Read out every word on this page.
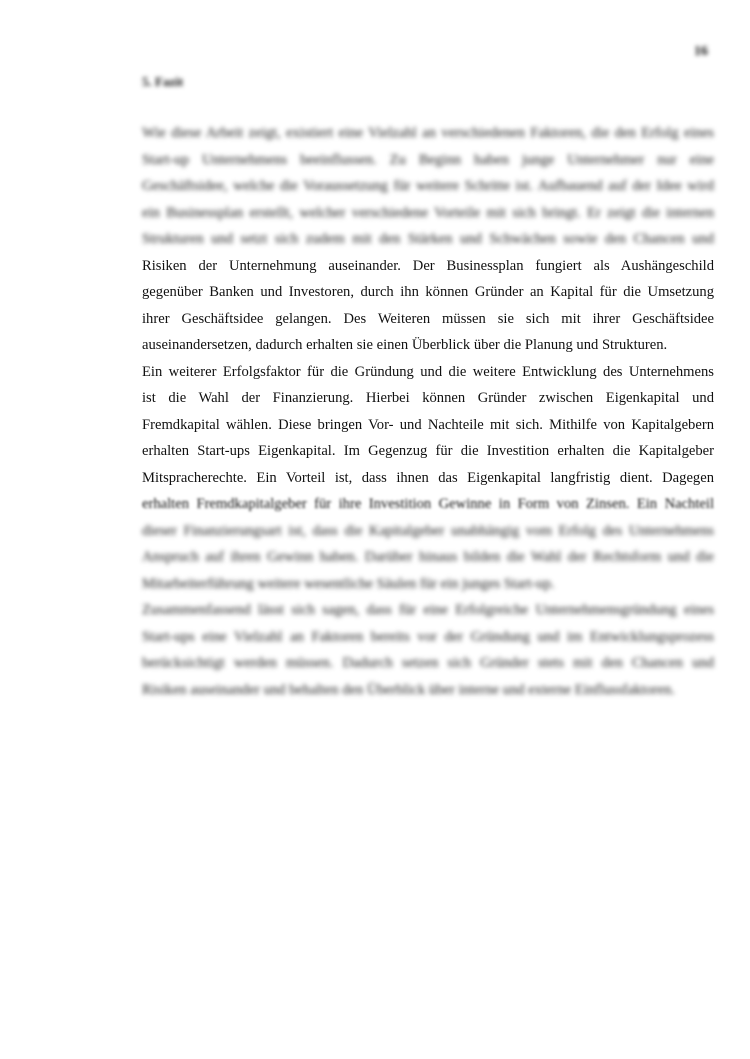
16
5. Fazit
Wie diese Arbeit zeigt, existiert eine Vielzahl an verschiedenen Faktoren, die den Erfolg eines
Start-up Unternehmens beeinflussen. Zu Beginn haben junge Unternehmer nur eine
Geschäftsidee, welche die Voraussetzung für weitere Schritte ist. Aufbauend auf der Idee wird
ein Businessplan erstellt, welcher verschiedene Vorteile mit sich bringt. Er zeigt die internen
Strukturen und setzt sich zudem mit den Stärken und Schwächen sowie den Chancen und
Risiken der Unternehmung auseinander. Der Businessplan fungiert als Aushängeschild
gegenüber Banken und Investoren, durch ihn können Gründer an Kapital für die Umsetzung
ihrer Geschäftsidee gelangen. Des Weiteren müssen sie sich mit ihrer Geschäftsidee
auseinandersetzen, dadurch erhalten sie einen Überblick über die Planung und Strukturen.
Ein weiterer Erfolgsfaktor für die Gründung und die weitere Entwicklung des Unternehmens
ist die Wahl der Finanzierung. Hierbei können Gründer zwischen Eigenkapital und
Fremdkapital wählen. Diese bringen Vor- und Nachteile mit sich. Mithilfe von Kapitalgebern
erhalten Start-ups Eigenkapital. Im Gegenzug für die Investition erhalten die Kapitalgeber
Mitspracherechte. Ein Vorteil ist, dass ihnen das Eigenkapital langfristig dient. Dagegen
erhalten Fremdkapitalgeber für ihre Investition Gewinne in Form von Zinsen. Ein Nachteil
dieser Finanzierungsart ist, dass die Kapitalgeber unabhängig vom Erfolg des Unternehmens
Anspruch auf ihren Gewinn haben. Darüber hinaus bilden die Wahl der Rechtsform und die
Mitarbeiterführung weitere wesentliche Säulen für ein junges Start-up.
Zusammenfassend lässt sich sagen, dass für eine Erfolgreiche Unternehmensgründung eines
Start-ups eine Vielzahl an Faktoren bereits vor der Gründung und im Entwicklungsprozess
berücksichtigt werden müssen. Dadurch setzen sich Gründer stets mit den Chancen und
Risiken auseinander und behalten den Überblick über interne und externe Einflussfaktoren.
